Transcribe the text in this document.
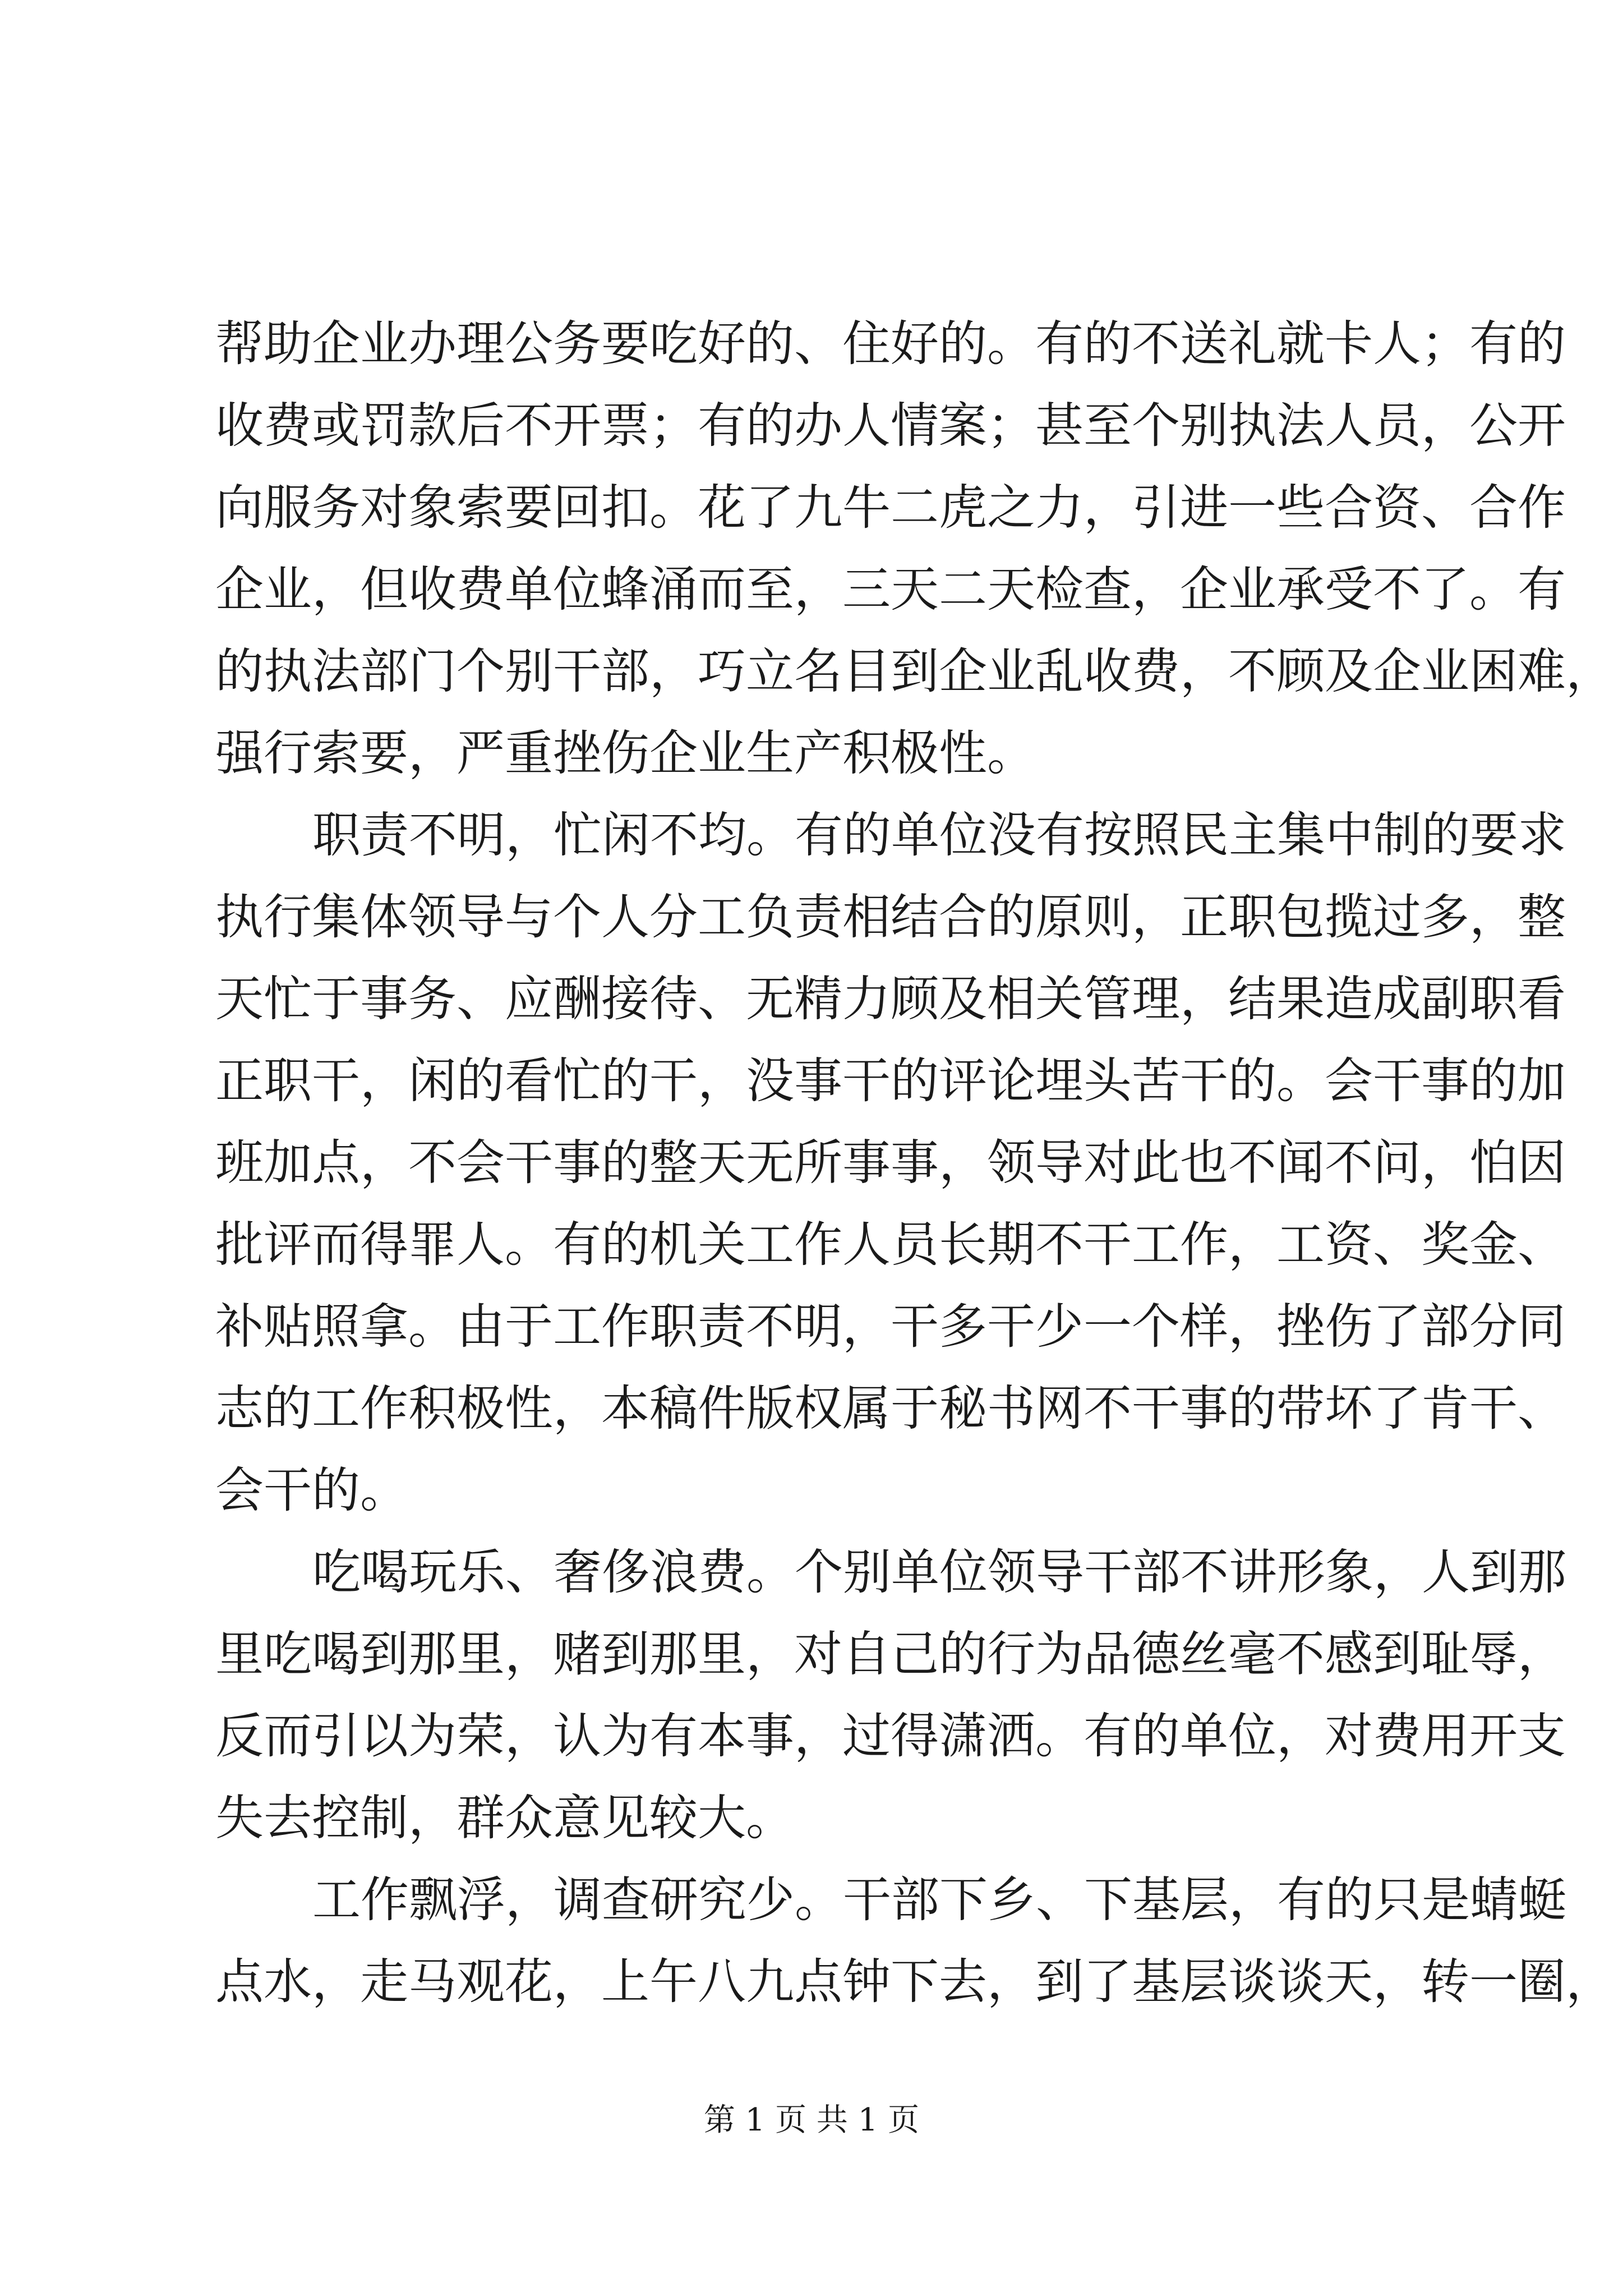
帮助企业办理公务要吃好的、住好的。有的不送礼就卡人；有的
收费或罚款后不开票；有的办人情案；甚至个别执法人员，公开
向服务对象索要回扣。花了九牛二虎之力，引进一些合资、合作
企业，但收费单位蜂涌而至，三天二天检查，企业承受不了。有
的执法部门个别干部，巧立名目到企业乱收费，不顾及企业困难，
强行索要，严重挫伤企业生产积极性。
职责不明，忙闲不均。有的单位没有按照民主集中制的要求
执行集体领导与个人分工负责相结合的原则，正职包揽过多，整
天忙于事务、应酬接待、无精力顾及相关管理，结果造成副职看
正职干，闲的看忙的干，没事干的评论埋头苦干的。会干事的加
班加点，不会干事的整天无所事事，领导对此也不闻不问，怕因
批评而得罪人。有的机关工作人员长期不干工作，工资、奖金、
补贴照拿。由于工作职责不明，干多干少一个样，挫伤了部分同
志的工作积极性，本稿件版权属于秘书网不干事的带坏了肯干、
会干的。
吃喝玩乐、奢侈浪费。个别单位领导干部不讲形象，人到那
里吃喝到那里，赌到那里，对自己的行为品德丝毫不感到耻辱，
反而引以为荣，认为有本事，过得潇洒。有的单位，对费用开支
失去控制，群众意见较大。
工作飘浮，调查研究少。干部下乡、下基层，有的只是蜻蜓
点水，走马观花，上午八九点钟下去，到了基层谈谈天，转一圈，
第 1 页 共 1 页
